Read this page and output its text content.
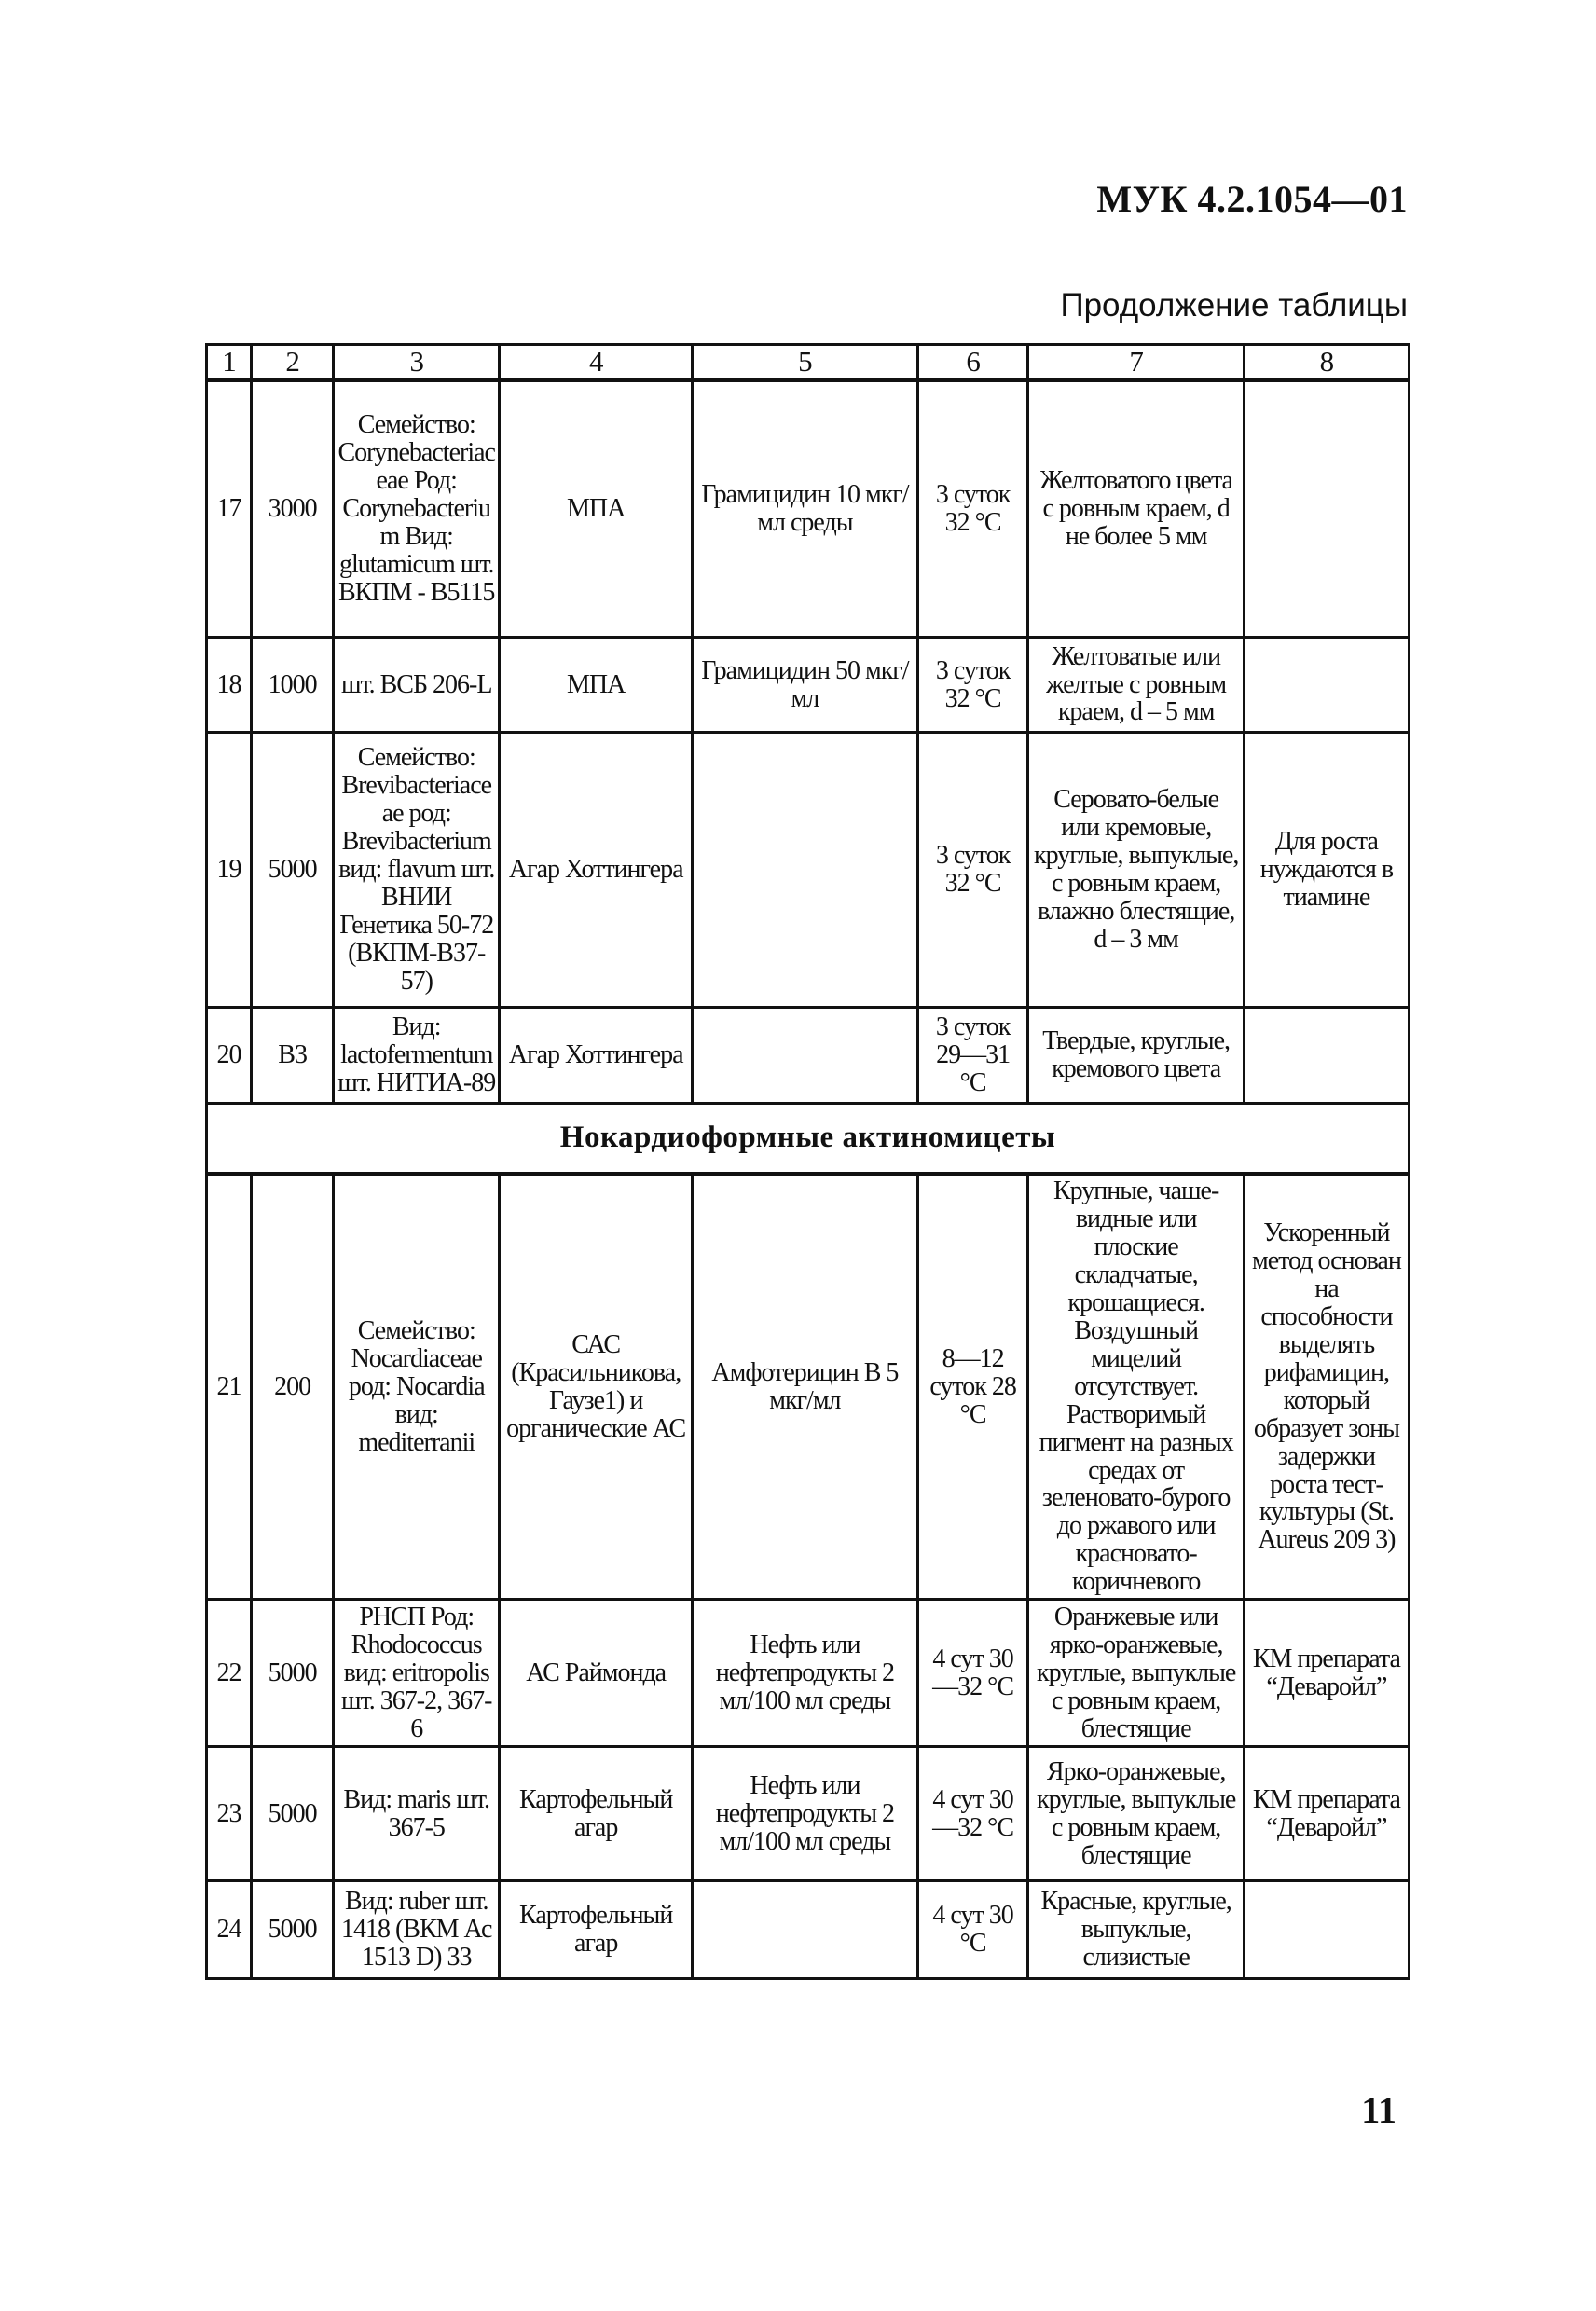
МУК 4.2.1054—01
Продолжение таблицы
1	2	3	4	5	6	7	8
17	3000	Семейство: Corynebacteriaceae Род: Corynebacterium Вид: glutamicum шт. ВКПМ - В5115	МПА	Грамицидин 10 мкг/мл среды	3 суток 32 °С	Желтоватого цвета с ровным краем, d не более 5 мм	
18	1000	шт. ВСБ 206-L	МПА	Грамицидин 50 мкг/мл	3 суток 32 °С	Желтоватые или желтые с ровным краем, d – 5 мм	
19	5000	Семейство: Brevibacteriaceae род: Brevibacterium вид: flavum шт. ВНИИ Генетика 50-72 (ВКПМ-В37-57)	Агар Хоттингера		3 суток 32 °С	Серовато-белые или кремовые, круглые, выпуклые, с ровным краем, влажно блестящие, d – 3 мм	Для роста нуждаются в тиамине
20	В3	Вид: lactofermentum шт. НИТИА-89	Агар Хоттингера		3 суток 29—31 °С	Твердые, круглые, кремового цвета	
Нокардиоформные актиномицеты							
21	200	Семейство: Nocardiaceae род: Nocardia вид: mediterranii	САС (Красильникова, Гаузе1) и органические АС	Амфотерицин В 5 мкг/мл	8—12 суток 28 °С	Крупные, чаше-видные или плоские складчатые, крошащиеся. Воздушный мицелий отсутствует. Растворимый пигмент на разных средах от зеленовато-бурого до ржавого или красновато-коричневого	Ускоренный метод основан на способности выделять рифамицин, который образует зоны задержки роста тест-культуры (St. Aureus 209 3)
22	5000	РНСП Род: Rhodococcus вид: eritropolis шт. 367-2, 367-6	АС Раймонда	Нефть или нефтепродукты 2 мл/100 мл среды	4 сут 30—32 °С	Оранжевые или ярко-оранжевые, круглые, выпуклые с ровным краем, блестящие	КМ препарата “Деваройл”
23	5000	Вид: maris шт. 367-5	Картофельный агар	Нефть или нефтепродукты 2 мл/100 мл среды	4 сут 30—32 °С	Ярко-оранжевые, круглые, выпуклые с ровным краем, блестящие	КМ препарата “Деваройл”
24	5000	Вид: ruber шт. 1418 (ВКМ Ас 1513 D) 33	Картофельный агар		4 сут 30 °С	Красные, круглые, выпуклые, слизистые	
11
